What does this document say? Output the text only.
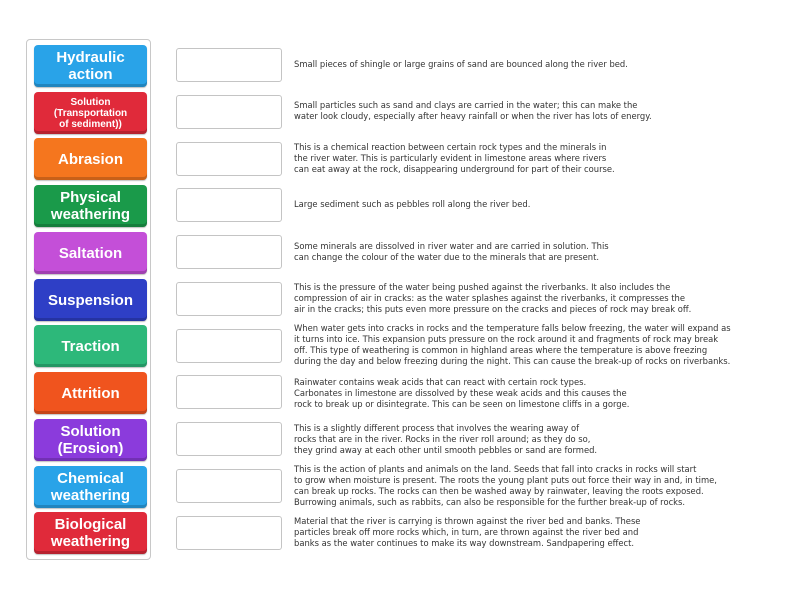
Hydraulic
action
Solution
(Transportation
of sediment))
Abrasion
Physical
weathering
Saltation
Suspension
Traction
Attrition
Solution
(Erosion)
Chemical
weathering
Biological
weathering
Small pieces of shingle or large grains of sand are bounced along the river bed.
Small particles such as sand and clays are carried in the water; this can make the
water look cloudy, especially after heavy rainfall or when the river has lots of energy.
This is a chemical reaction between certain rock types and the minerals in
the river water. This is particularly evident in limestone areas where rivers
can eat away at the rock, disappearing underground for part of their course.
Large sediment such as pebbles roll along the river bed.
Some minerals are dissolved in river water and are carried in solution. This
can change the colour of the water due to the minerals that are present.
This is the pressure of the water being pushed against the riverbanks. It also includes the
compression of air in cracks: as the water splashes against the riverbanks, it compresses the
air in the cracks; this puts even more pressure on the cracks and pieces of rock may break off.
When water gets into cracks in rocks and the temperature falls below freezing, the water will expand as
it turns into ice. This expansion puts pressure on the rock around it and fragments of rock may break
off. This type of weathering is common in highland areas where the temperature is above freezing
during the day and below freezing during the night. This can cause the break-up of rocks on riverbanks.
Rainwater contains weak acids that can react with certain rock types.
Carbonates in limestone are dissolved by these weak acids and this causes the
rock to break up or disintegrate. This can be seen on limestone cliffs in a gorge.
This is a slightly different process that involves the wearing away of
rocks that are in the river. Rocks in the river roll around; as they do so,
they grind away at each other until smooth pebbles or sand are formed.
This is the action of plants and animals on the land. Seeds that fall into cracks in rocks will start
to grow when moisture is present. The roots the young plant puts out force their way in and, in time,
can break up rocks. The rocks can then be washed away by rainwater, leaving the roots exposed.
Burrowing animals, such as rabbits, can also be responsible for the further break-up of rocks.
Material that the river is carrying is thrown against the river bed and banks. These
particles break off more rocks which, in turn, are thrown against the river bed and
banks as the water continues to make its way downstream. Sandpapering effect.
